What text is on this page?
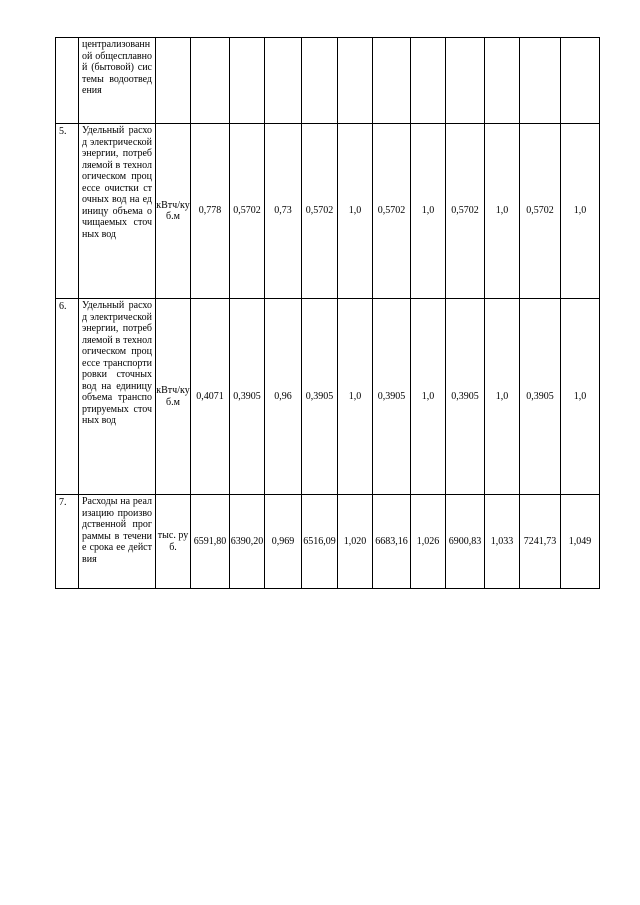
	централизованной общесплавной (бытовой) системы водоотведения												
5.	Удельный расход электрической энергии, потребляемой в технологическом процессе очистки сточных вод на единицу объема очищаемых сточных вод	кВтч/куб.м	0,778	0,5702	0,73	0,5702	1,0	0,5702	1,0	0,5702	1,0	0,5702	1,0
6.	Удельный расход электрической энергии, потребляемой в технологическом процессе транспортировки сточных вод на единицу объема транспортируемых сточных вод	кВтч/куб.м	0,4071	0,3905	0,96	0,3905	1,0	0,3905	1,0	0,3905	1,0	0,3905	1,0
7.	Расходы на реализацию производственной программы в течение срока ее действия	тыс. руб.	6591,80	6390,20	0,969	6516,09	1,020	6683,16	1,026	6900,83	1,033	7241,73	1,049
